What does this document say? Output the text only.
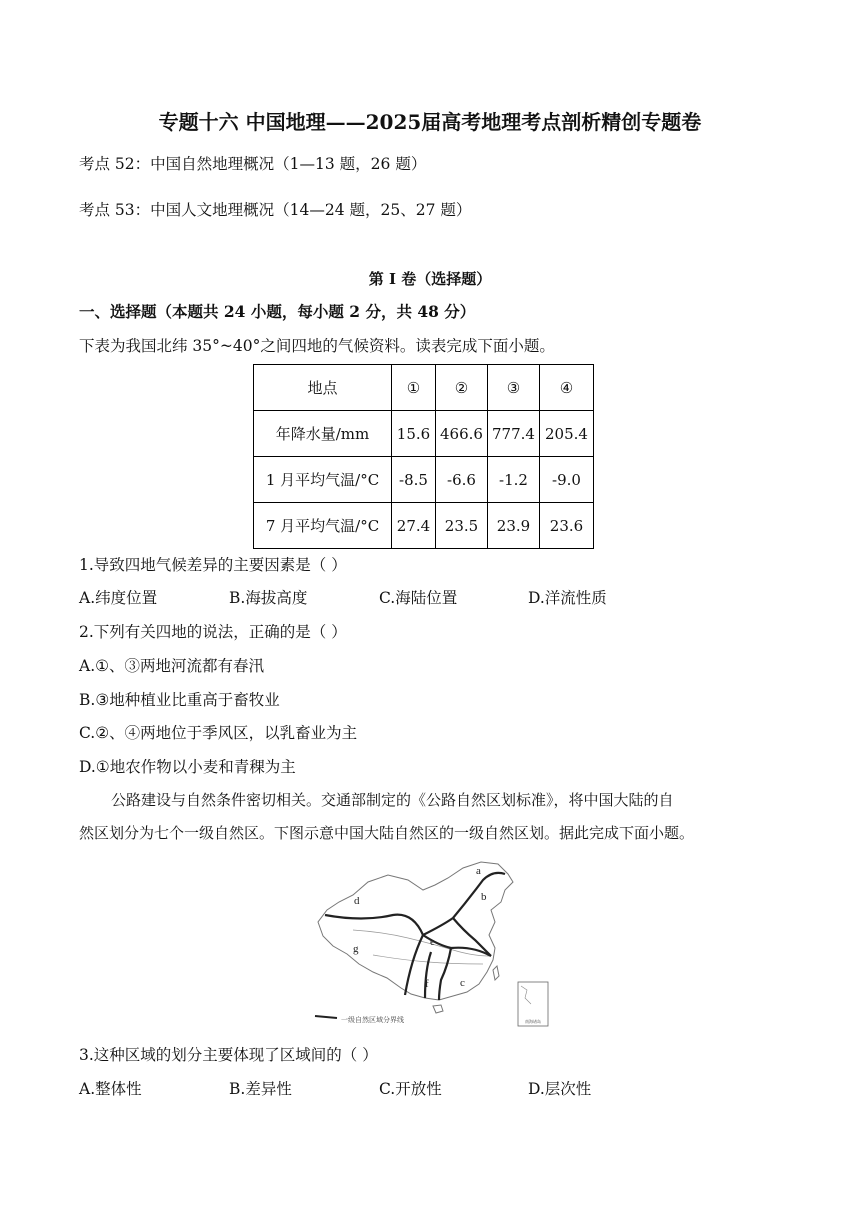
专题十六 中国地理——2025届高考地理考点剖析精创专题卷
考点 52：中国自然地理概况（1—13 题，26 题）
考点 53：中国人文地理概况（14—24 题，25、27 题）
第 I 卷（选择题）
一、选择题（本题共 24 小题，每小题 2 分，共 48 分）
下表为我国北纬 35°~40°之间四地的气候资料。读表完成下面小题。
地点	①	②	③	④
年降水量/mm	15.6	466.6	777.4	205.4
1 月平均气温/°C	-8.5	-6.6	-1.2	-9.0
7 月平均气温/°C	27.4	23.5	23.9	23.6
1.导致四地气候差异的主要因素是（ ）
A.纬度位置	B.海拔高度	C.海陆位置	D.洋流性质
2.下列有关四地的说法，正确的是（ ）
A.①、③两地河流都有春汛
B.③地种植业比重高于畜牧业
C.②、④两地位于季风区，以乳畜业为主
D.①地农作物以小麦和青稞为主
公路建设与自然条件密切相关。交通部制定的《公路自然区划标准》，将中国大陆的自
然区划分为七个一级自然区。下图示意中国大陆自然区的一级自然区划。据此完成下面小题。
a
b
c
d
e
f
g
一级自然区域分界线	南海诸岛
3.这种区域的划分主要体现了区域间的（ ）
A.整体性	B.差异性	C.开放性	D.层次性
